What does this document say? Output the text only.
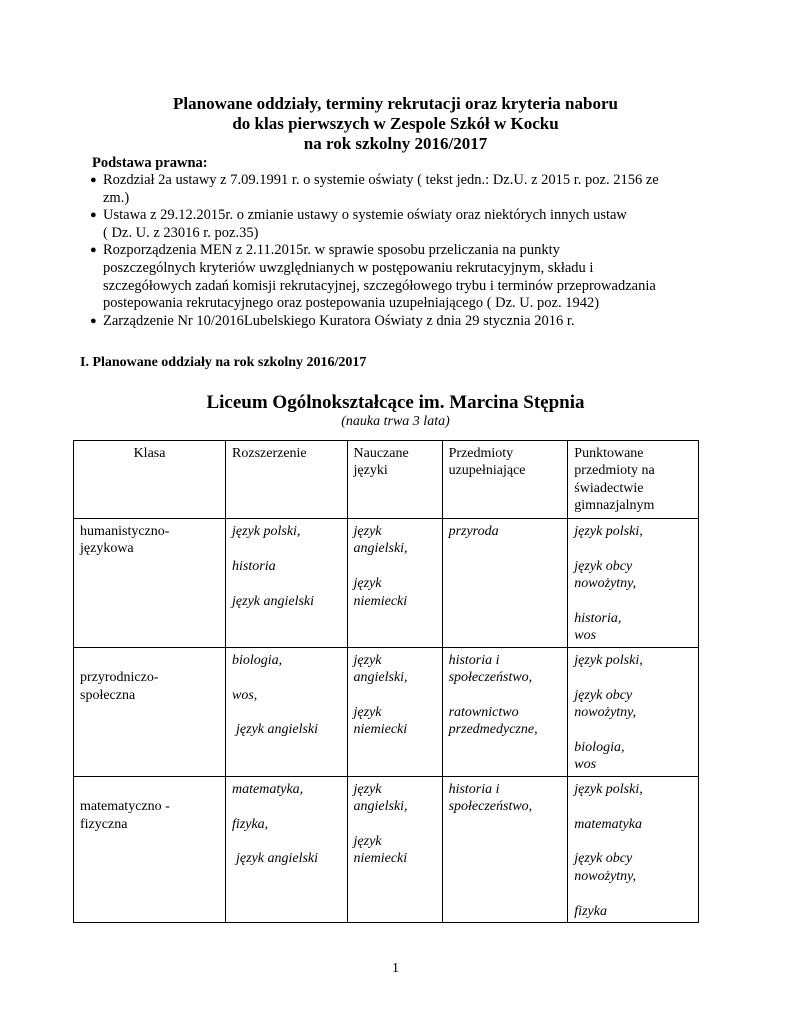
Planowane oddziały, terminy rekrutacji oraz kryteria naboru
do klas pierwszych w Zespole Szkół w Kocku
na rok szkolny 2016/2017
Podstawa prawna:
● Rozdział 2a ustawy z 7.09.1991 r. o systemie oświaty ( tekst jedn.: Dz.U. z 2015 r. poz. 2156 ze
zm.)
● Ustawa z 29.12.2015r. o zmianie ustawy o systemie oświaty oraz niektórych innych ustaw
( Dz. U. z 23016 r. poz.35)
● Rozporządzenia MEN z 2.11.2015r. w sprawie sposobu przeliczania na punkty
poszczególnych kryteriów uwzględnianych w postępowaniu rekrutacyjnym, składu i
szczegółowych zadań komisji rekrutacyjnej, szczegółowego trybu i terminów przeprowadzania
postepowania rekrutacyjnego oraz postepowania uzupełniającego ( Dz. U. poz. 1942)
● Zarządzenie Nr 10/2016Lubelskiego Kuratora Oświaty z dnia 29 stycznia 2016 r.
I. Planowane oddziały na rok szkolny 2016/2017
Liceum Ogólnokształcące im. Marcina Stępnia
(nauka trwa 3 lata)
Klasa	Rozszerzenie	Nauczane
języki	Przedmioty
uzupełniające	Punktowane
przedmioty na
świadectwie
gimnazjalnym

humanistyczno-
językowa	język polski,
historia
język angielski	język
angielski,
język
niemiecki	przyroda	język polski,
język obcy
nowożytny,
historia,
wos

przyrodniczo-
społeczna	biologia,
wos,
język angielski	język
angielski,
język
niemiecki	historia i
społeczeństwo,
ratownictwo
przedmedyczne,	język polski,
język obcy
nowożytny,
biologia,
wos

matematyczno -
fizyczna	matematyka,
fizyka,
język angielski	język
angielski,
język
niemiecki	historia i
społeczeństwo,	język polski,
matematyka
język obcy
nowożytny,
fizyka
1
